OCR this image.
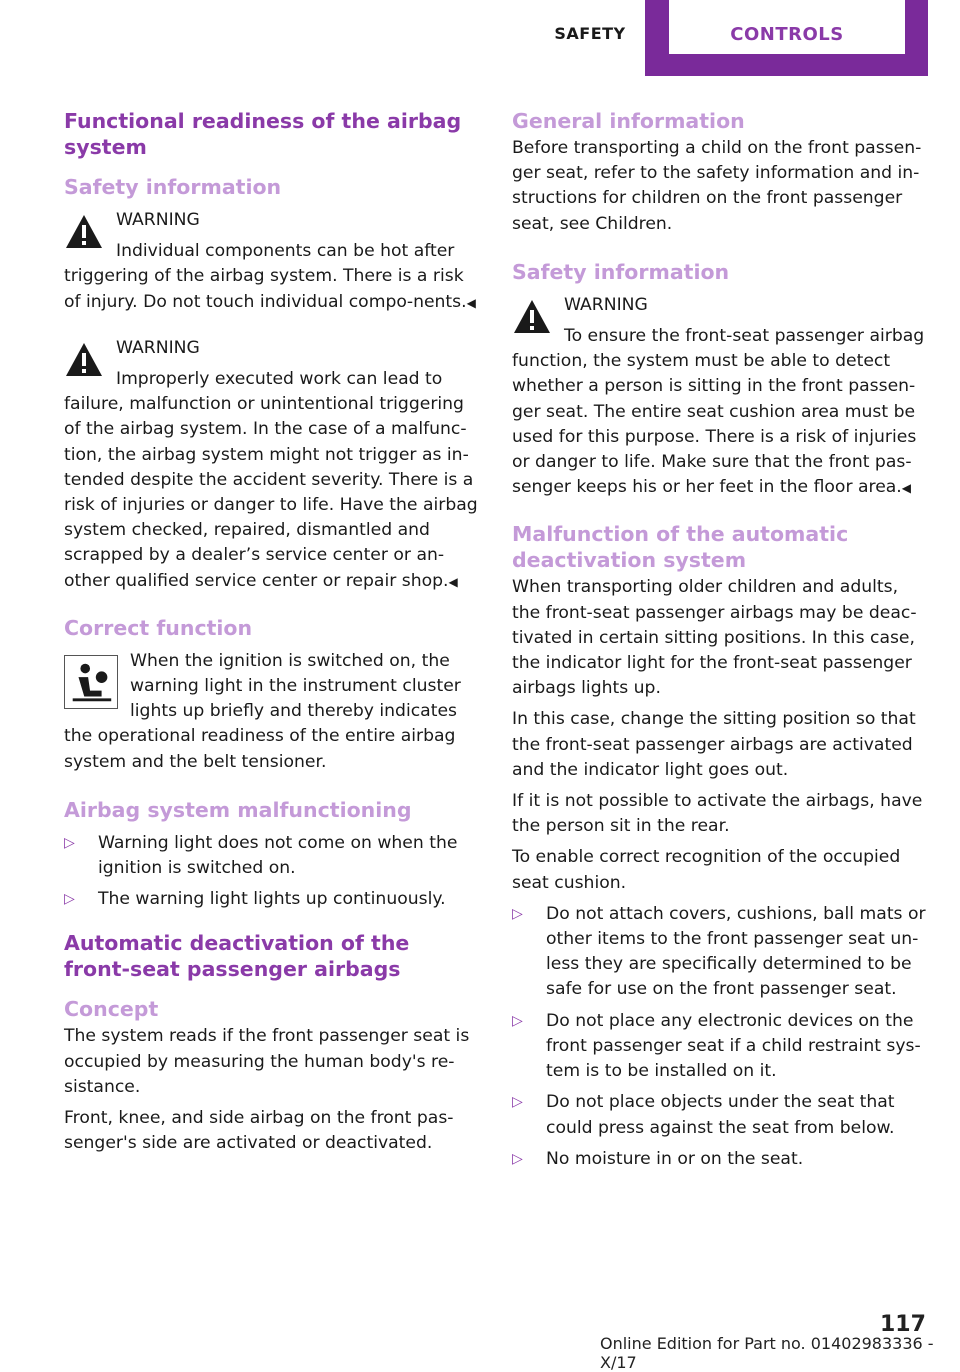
SAFETY	CONTROLS
Functional readiness of the airbag system
Safety information
WARNING
Individual components can be hot after triggering of the airbag system. There is a risk of injury. Do not touch individual compo‐nents.◀
WARNING
Improperly executed work can lead to failure, malfunction or unintentional triggering of the airbag system. In the case of a malfunc‐tion, the airbag system might not trigger as in‐tended despite the accident severity. There is a risk of injuries or danger to life. Have the airbag system checked, repaired, dismantled and scrapped by a dealer’s service center or an‐other qualified service center or repair shop.◀
Correct function
When the ignition is switched on, the warning light in the instrument cluster lights up briefly and thereby indicates the operational readiness of the entire airbag system and the belt tensioner.
Airbag system malfunctioning
▷ Warning light does not come on when the ignition is switched on.
▷ The warning light lights up continuously.
Automatic deactivation of the front-seat passenger airbags
Concept
The system reads if the front passenger seat is occupied by measuring the human body's re‐sistance.
Front, knee, and side airbag on the front pas‐senger's side are activated or deactivated.
General information
Before transporting a child on the front passen‐ger seat, refer to the safety information and in‐structions for children on the front passenger seat, see Children.
Safety information
WARNING
To ensure the front-seat passenger airbag function, the system must be able to detect whether a person is sitting in the front passen‐ger seat. The entire seat cushion area must be used for this purpose. There is a risk of injuries or danger to life. Make sure that the front pas‐senger keeps his or her feet in the floor area.◀
Malfunction of the automatic deactivation system
When transporting older children and adults, the front-seat passenger airbags may be deac‐tivated in certain sitting positions. In this case, the indicator light for the front-seat passenger airbags lights up.
In this case, change the sitting position so that the front-seat passenger airbags are activated and the indicator light goes out.
If it is not possible to activate the airbags, have the person sit in the rear.
To enable correct recognition of the occupied seat cushion.
▷ Do not attach covers, cushions, ball mats or other items to the front passenger seat un‐less they are specifically determined to be safe for use on the front passenger seat.
▷ Do not place any electronic devices on the front passenger seat if a child restraint sys‐tem is to be installed on it.
▷ Do not place objects under the seat that could press against the seat from below.
▷ No moisture in or on the seat.
117
Online Edition for Part no. 01402983336 - X/17
